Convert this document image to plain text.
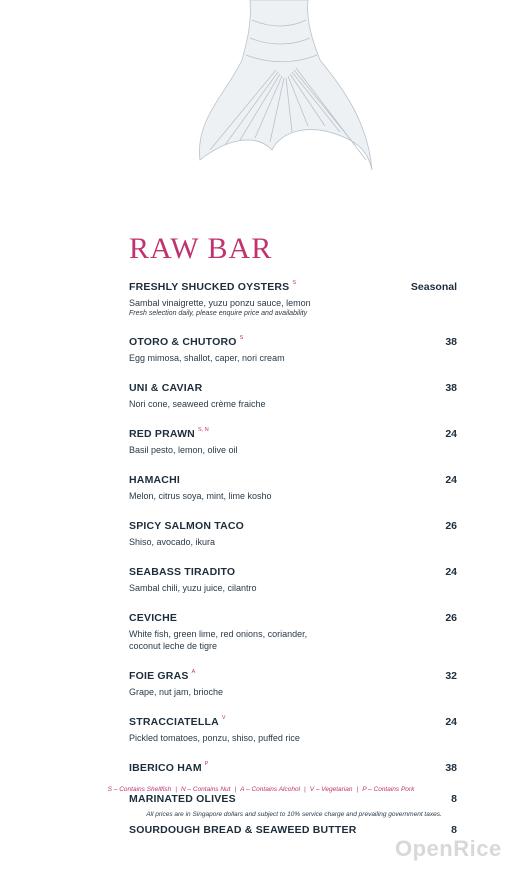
RAW BAR
FRESHLY SHUCKED OYSTERS $^S$	Seasonal
Sambal vinaigrette, yuzu ponzu sauce, lemon
Fresh selection daily, please enquire price and availability
OTORO & CHUTORO $^S$	38
Egg mimosa, shallot, caper, nori cream
UNI & CAVIAR	38
Nori cone, seaweed crème fraiche
RED PRAWN $^{S, N}$	24
Basil pesto, lemon, olive oil
HAMACHI	24
Melon, citrus soya, mint, lime kosho
SPICY SALMON TACO	26
Shiso, avocado, ikura
SEABASS TIRADITO	24
Sambal chili, yuzu juice, cilantro
CEVICHE	26
White fish, green lime, red onions, coriander,
coconut leche de tigre
FOIE GRAS $^A$	32
Grape, nut jam, brioche
STRACCIATELLA $^V$	24
Pickled tomatoes, ponzu, shiso, puffed rice
IBERICO HAM $^P$	38
MARINATED OLIVES	8
SOURDOUGH BREAD & SEAWEED BUTTER	8
S – Contains Shellfish | N – Contains Nut | A – Contains Alcohol | V – Vegetarian | P – Contains Pork
All prices are in Singapore dollars and subject to 10% service charge and prevailing government taxes.
OpenRice
